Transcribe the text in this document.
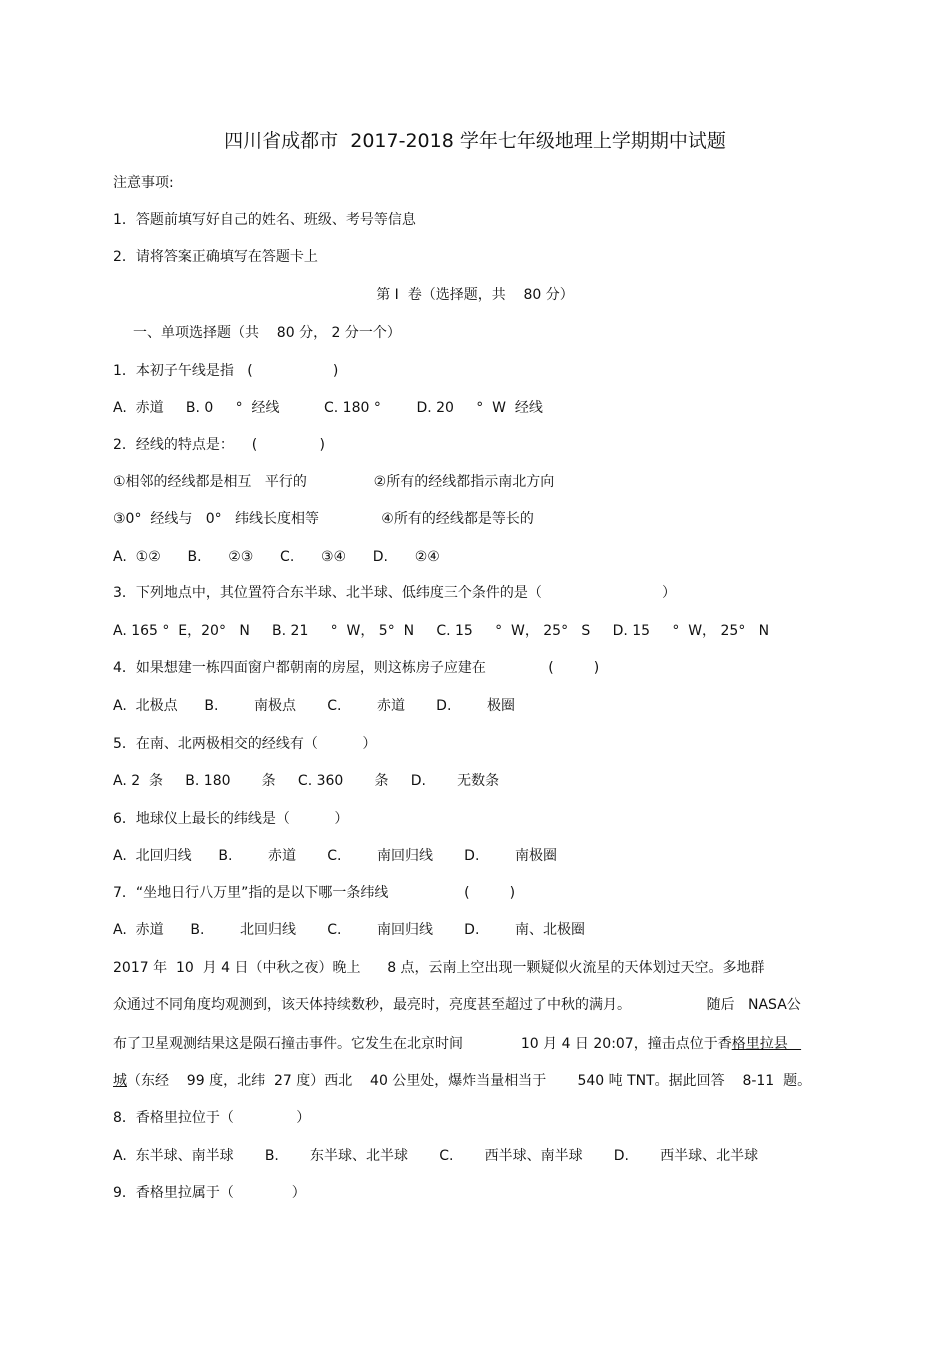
四川省成都市  2017-2018 学年七年级地理上学期期中试题
注意事项:
1．答题前填写好自己的姓名、班级、考号等信息
2．请将答案正确填写在答题卡上
第 I  卷（选择题，共    80 分）
一、单项选择题（共    80 分， 2 分一个）
1．本初子午线是指   (                  )
A.  赤道     B. 0     °  经线          C. 180 °        D. 20     °  W  经线
2．经线的特点是：    (              )
①相邻的经线都是相互   平行的               ②所有的经线都指示南北方向
③0°  经线与   0°   纬线长度相等              ④所有的经线都是等长的
A.  ①②      B.      ②③      C.      ③④      D.      ②④
3．下列地点中，其位置符合东半球、北半球、低纬度三个条件的是（                           ）
A. 165 °  E，20°   N     B. 21     °  W， 5°  N     C. 15     °  W， 25°   S     D. 15     °  W， 25°   N
4．如果想建一栋四面窗户都朝南的房屋，则这栋房子应建在              (         )
A.  北极点      B.        南极点       C.        赤道       D.        极圈
5．在南、北两极相交的经线有（          ）
A. 2  条     B. 180       条     C. 360       条     D.       无数条
6．地球仪上最长的纬线是（          ）
A.  北回归线      B.        赤道       C.        南回归线       D.        南极圈
7．“坐地日行八万里”指的是以下哪一条纬线                 (         )
A.  赤道      B.        北回归线       C.        南回归线       D.        南、北极圈
2017 年  10  月 4 日（中秋之夜）晚上      8 点，云南上空出现一颗疑似火流星的天体划过天空。多地群
众通过不同角度均观测到，该天体持续数秒，最亮时，亮度甚至超过了中秋的满月。                 随后   NASA公
布了卫星观测结果这是陨石撞击事件。它发生在北京时间             10 月 4 日 20:07，撞击点位于香格里拉县
城（东经    99 度，北纬  27 度）西北    40 公里处，爆炸当量相当于       540 吨 TNT。据此回答    8-11  题。
8．香格里拉位于（              ）
A.  东半球、南半球       B.       东半球、北半球       C.       西半球、南半球       D.       西半球、北半球
9．香格里拉属于（             ）
